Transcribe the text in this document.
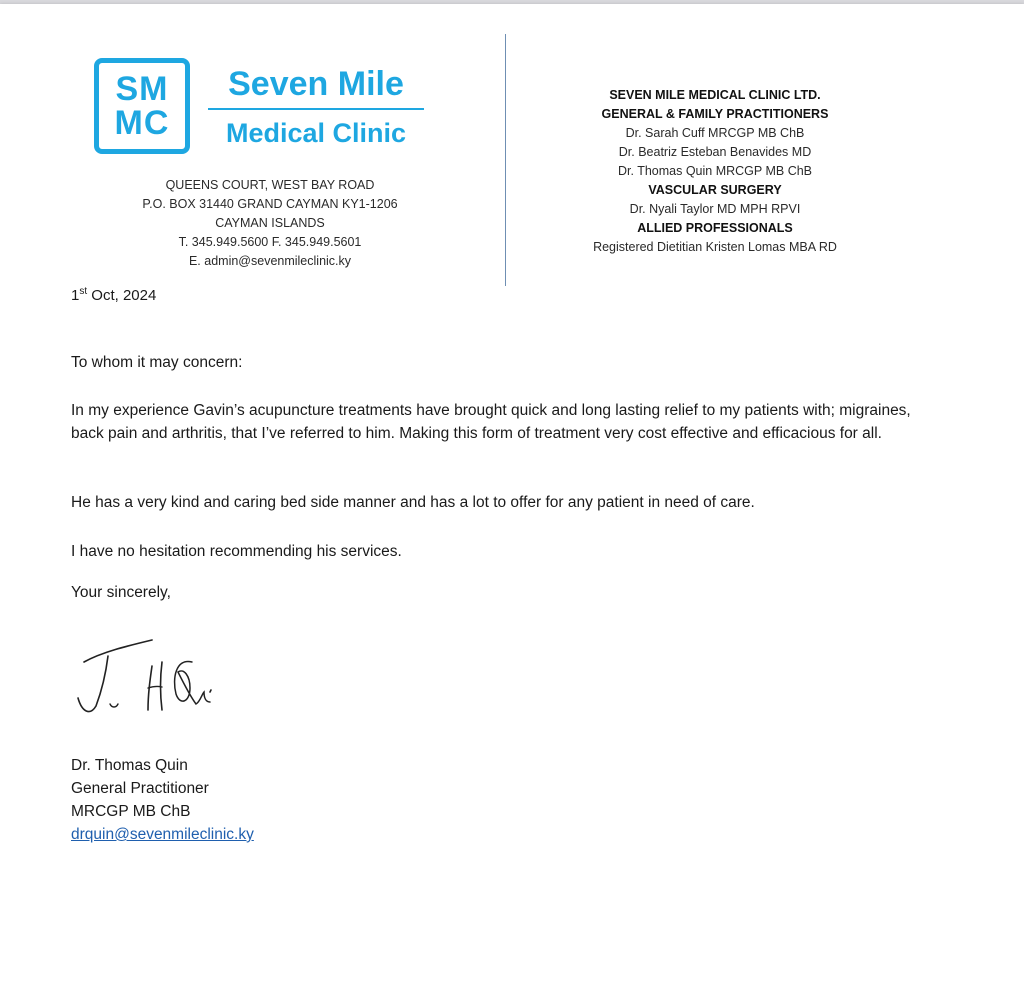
SM
MC
Seven Mile
Medical Clinic
QUEENS COURT, WEST BAY ROAD
P.O. BOX 31440 GRAND CAYMAN KY1-1206
CAYMAN ISLANDS
T. 345.949.5600 F. 345.949.5601
E. admin@sevenmileclinic.ky
SEVEN MILE MEDICAL CLINIC LTD.
GENERAL & FAMILY PRACTITIONERS
Dr. Sarah Cuff MRCGP MB ChB
Dr. Beatriz Esteban Benavides MD
Dr. Thomas Quin MRCGP MB ChB
VASCULAR SURGERY
Dr. Nyali Taylor MD MPH RPVI
ALLIED PROFESSIONALS
Registered Dietitian Kristen Lomas MBA RD
1st Oct, 2024
To whom it may concern:
In my experience Gavin’s acupuncture treatments have brought quick and long lasting relief to my patients with; migraines, back pain and arthritis, that I’ve referred to him. Making this form of treatment very cost effective and efficacious for all.
He has a very kind and caring bed side manner and has a lot to offer for any patient in need of care.
I have no hesitation recommending his services.
Your sincerely,
Dr. Thomas Quin
General Practitioner
MRCGP MB ChB
drquin@sevenmileclinic.ky
